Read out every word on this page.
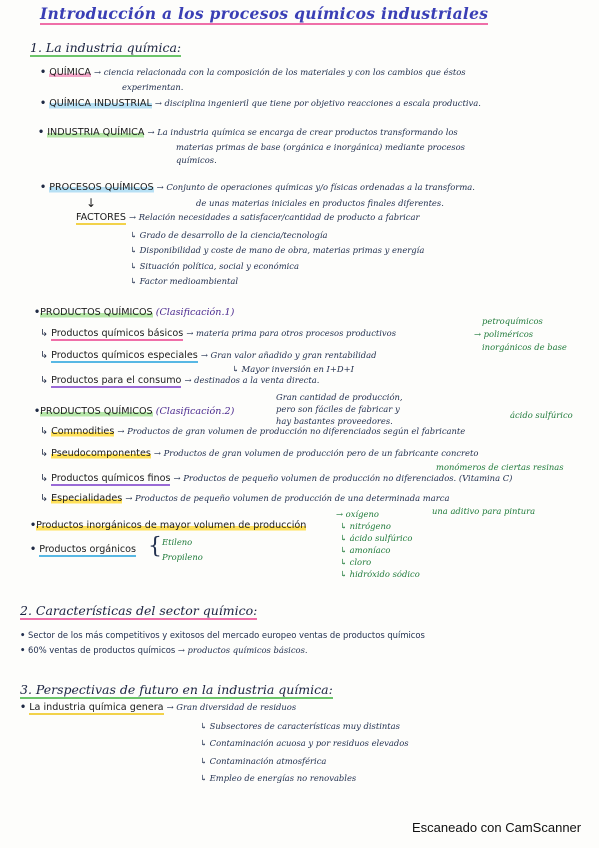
Introducción a los procesos químicos industriales
1. La industria química:
• QUÍMICA → ciencia relacionada con la composición de los materiales y con los cambios que éstos
experimentan.
• QUÍMICA INDUSTRIAL → disciplina ingenieril que tiene por objetivo reacciones a escala productiva.
• INDUSTRIA QUÍMICA → La industria química se encarga de crear productos transformando los
materias primas de base (orgánica e inorgánica) mediante procesos
químicos.
• PROCESOS QUÍMICOS → Conjunto de operaciones químicas y/o físicas ordenadas a la transforma.
de unas materias iniciales en productos finales diferentes.
↓
FACTORES → Relación necesidades a satisfacer/cantidad de producto a fabricar
↳ Grado de desarrollo de la ciencia/tecnología
↳ Disponibilidad y coste de mano de obra, materias primas y energía
↳ Situación política, social y económica
↳ Factor medioambiental
•PRODUCTOS QUÍMICOS (Clasificación.1)
↳ Productos químicos básicos → materia prima para otros procesos productivos
petroquímicos
→ poliméricos
inorgánicos de base
↳ Productos químicos especiales → Gran valor añadido y gran rentabilidad
↳ Mayor inversión en I+D+I
↳ Productos para el consumo → destinados a la venta directa.
Gran cantidad de producción,
pero son fáciles de fabricar y
hay bastantes proveedores.
•PRODUCTOS QUÍMICOS (Clasificación.2)	ácido sulfúrico
↳ Commodities → Productos de gran volumen de producción no diferenciados según el fabricante
↳ Pseudocomponentes → Productos de gran volumen de producción pero de un fabricante concreto
monómeros de ciertas resinas
↳ Productos químicos finos → Productos de pequeño volumen de producción no diferenciados. (Vitamina C)
↳ Especialidades → Productos de pequeño volumen de producción de una determinada marca
una aditivo para pintura
•Productos inorgánicos de mayor volumen de producción
→ oxígeno
↳ nitrógeno
↳ ácido sulfúrico
↳ amoníaco
↳ cloro
↳ hidróxido sódico
• Productos orgánicos { Etileno
Propileno
2. Características del sector químico:
• Sector de los más competitivos y exitosos del mercado europeo ventas de productos químicos
• 60% ventas de productos químicos → productos químicos básicos.
3. Perspectivas de futuro en la industria química:
• La industria química genera → Gran diversidad de residuos
↳ Subsectores de características muy distintas
↳ Contaminación acuosa y por residuos elevados
↳ Contaminación atmosférica
↳ Empleo de energías no renovables
Escaneado con CamScanner
